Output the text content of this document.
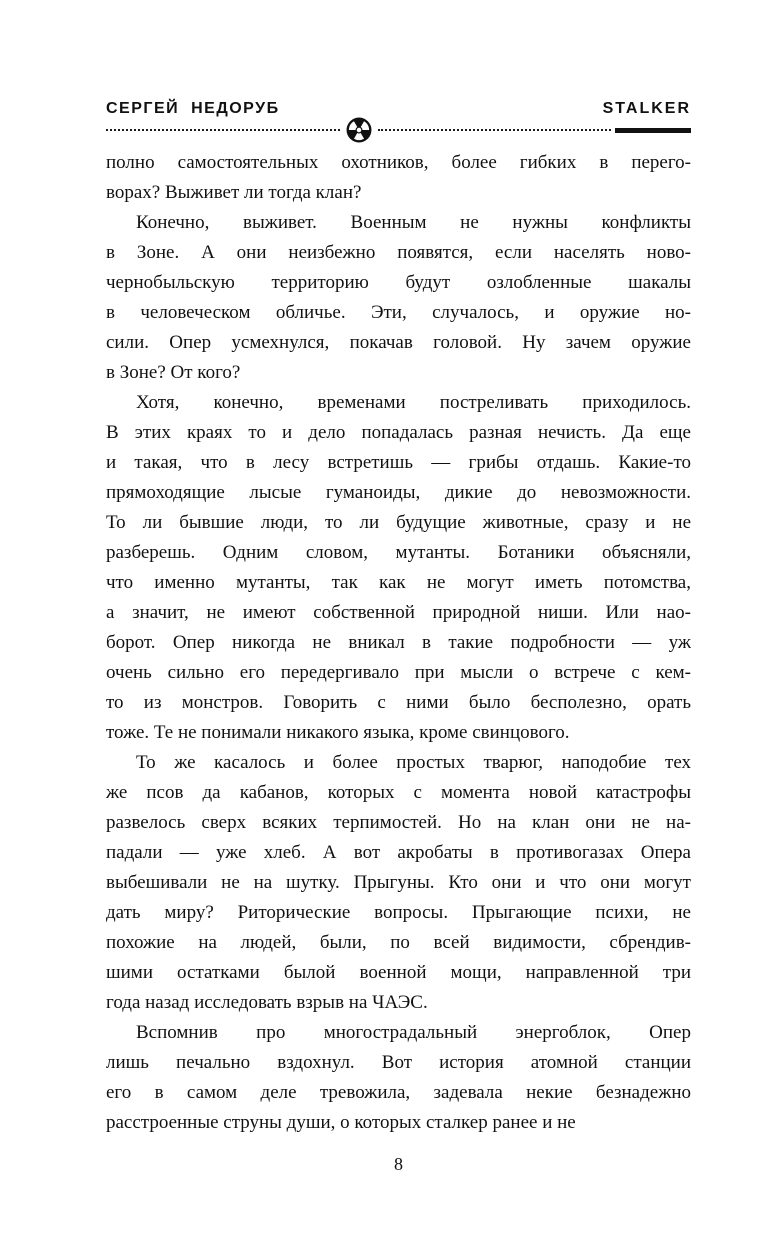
СЕРГЕЙ НЕДОРУБ	STALKER
полно самостоятельных охотников, более гибких в перего-
ворах? Выживет ли тогда клан?
Конечно, выживет. Военным не нужны конфликты
в Зоне. А они неизбежно появятся, если населять ново-
чернобыльскую территорию будут озлобленные шакалы
в человеческом обличье. Эти, случалось, и оружие но-
сили. Опер усмехнулся, покачав головой. Ну зачем оружие
в Зоне? От кого?
Хотя, конечно, временами постреливать приходилось.
В этих краях то и дело попадалась разная нечисть. Да еще
и такая, что в лесу встретишь — грибы отдашь. Какие-то
прямоходящие лысые гуманоиды, дикие до невозможности.
То ли бывшие люди, то ли будущие животные, сразу и не
разберешь. Одним словом, мутанты. Ботаники объясняли,
что именно мутанты, так как не могут иметь потомства,
а значит, не имеют собственной природной ниши. Или нао-
борот. Опер никогда не вникал в такие подробности — уж
очень сильно его передергивало при мысли о встрече с кем-
то из монстров. Говорить с ними было бесполезно, орать
тоже. Те не понимали никакого языка, кроме свинцового.
То же касалось и более простых тварюг, наподобие тех
же псов да кабанов, которых с момента новой катастрофы
развелось сверх всяких терпимостей. Но на клан они не на-
падали — уже хлеб. А вот акробаты в противогазах Опера
выбешивали не на шутку. Прыгуны. Кто они и что они могут
дать миру? Риторические вопросы. Прыгающие психи, не
похожие на людей, были, по всей видимости, сбрендив-
шими остатками былой военной мощи, направленной три
года назад исследовать взрыв на ЧАЭС.
Вспомнив про многострадальный энергоблок, Опер
лишь печально вздохнул. Вот история атомной станции
его в самом деле тревожила, задевала некие безнадежно
расстроенные струны души, о которых сталкер ранее и не
8
